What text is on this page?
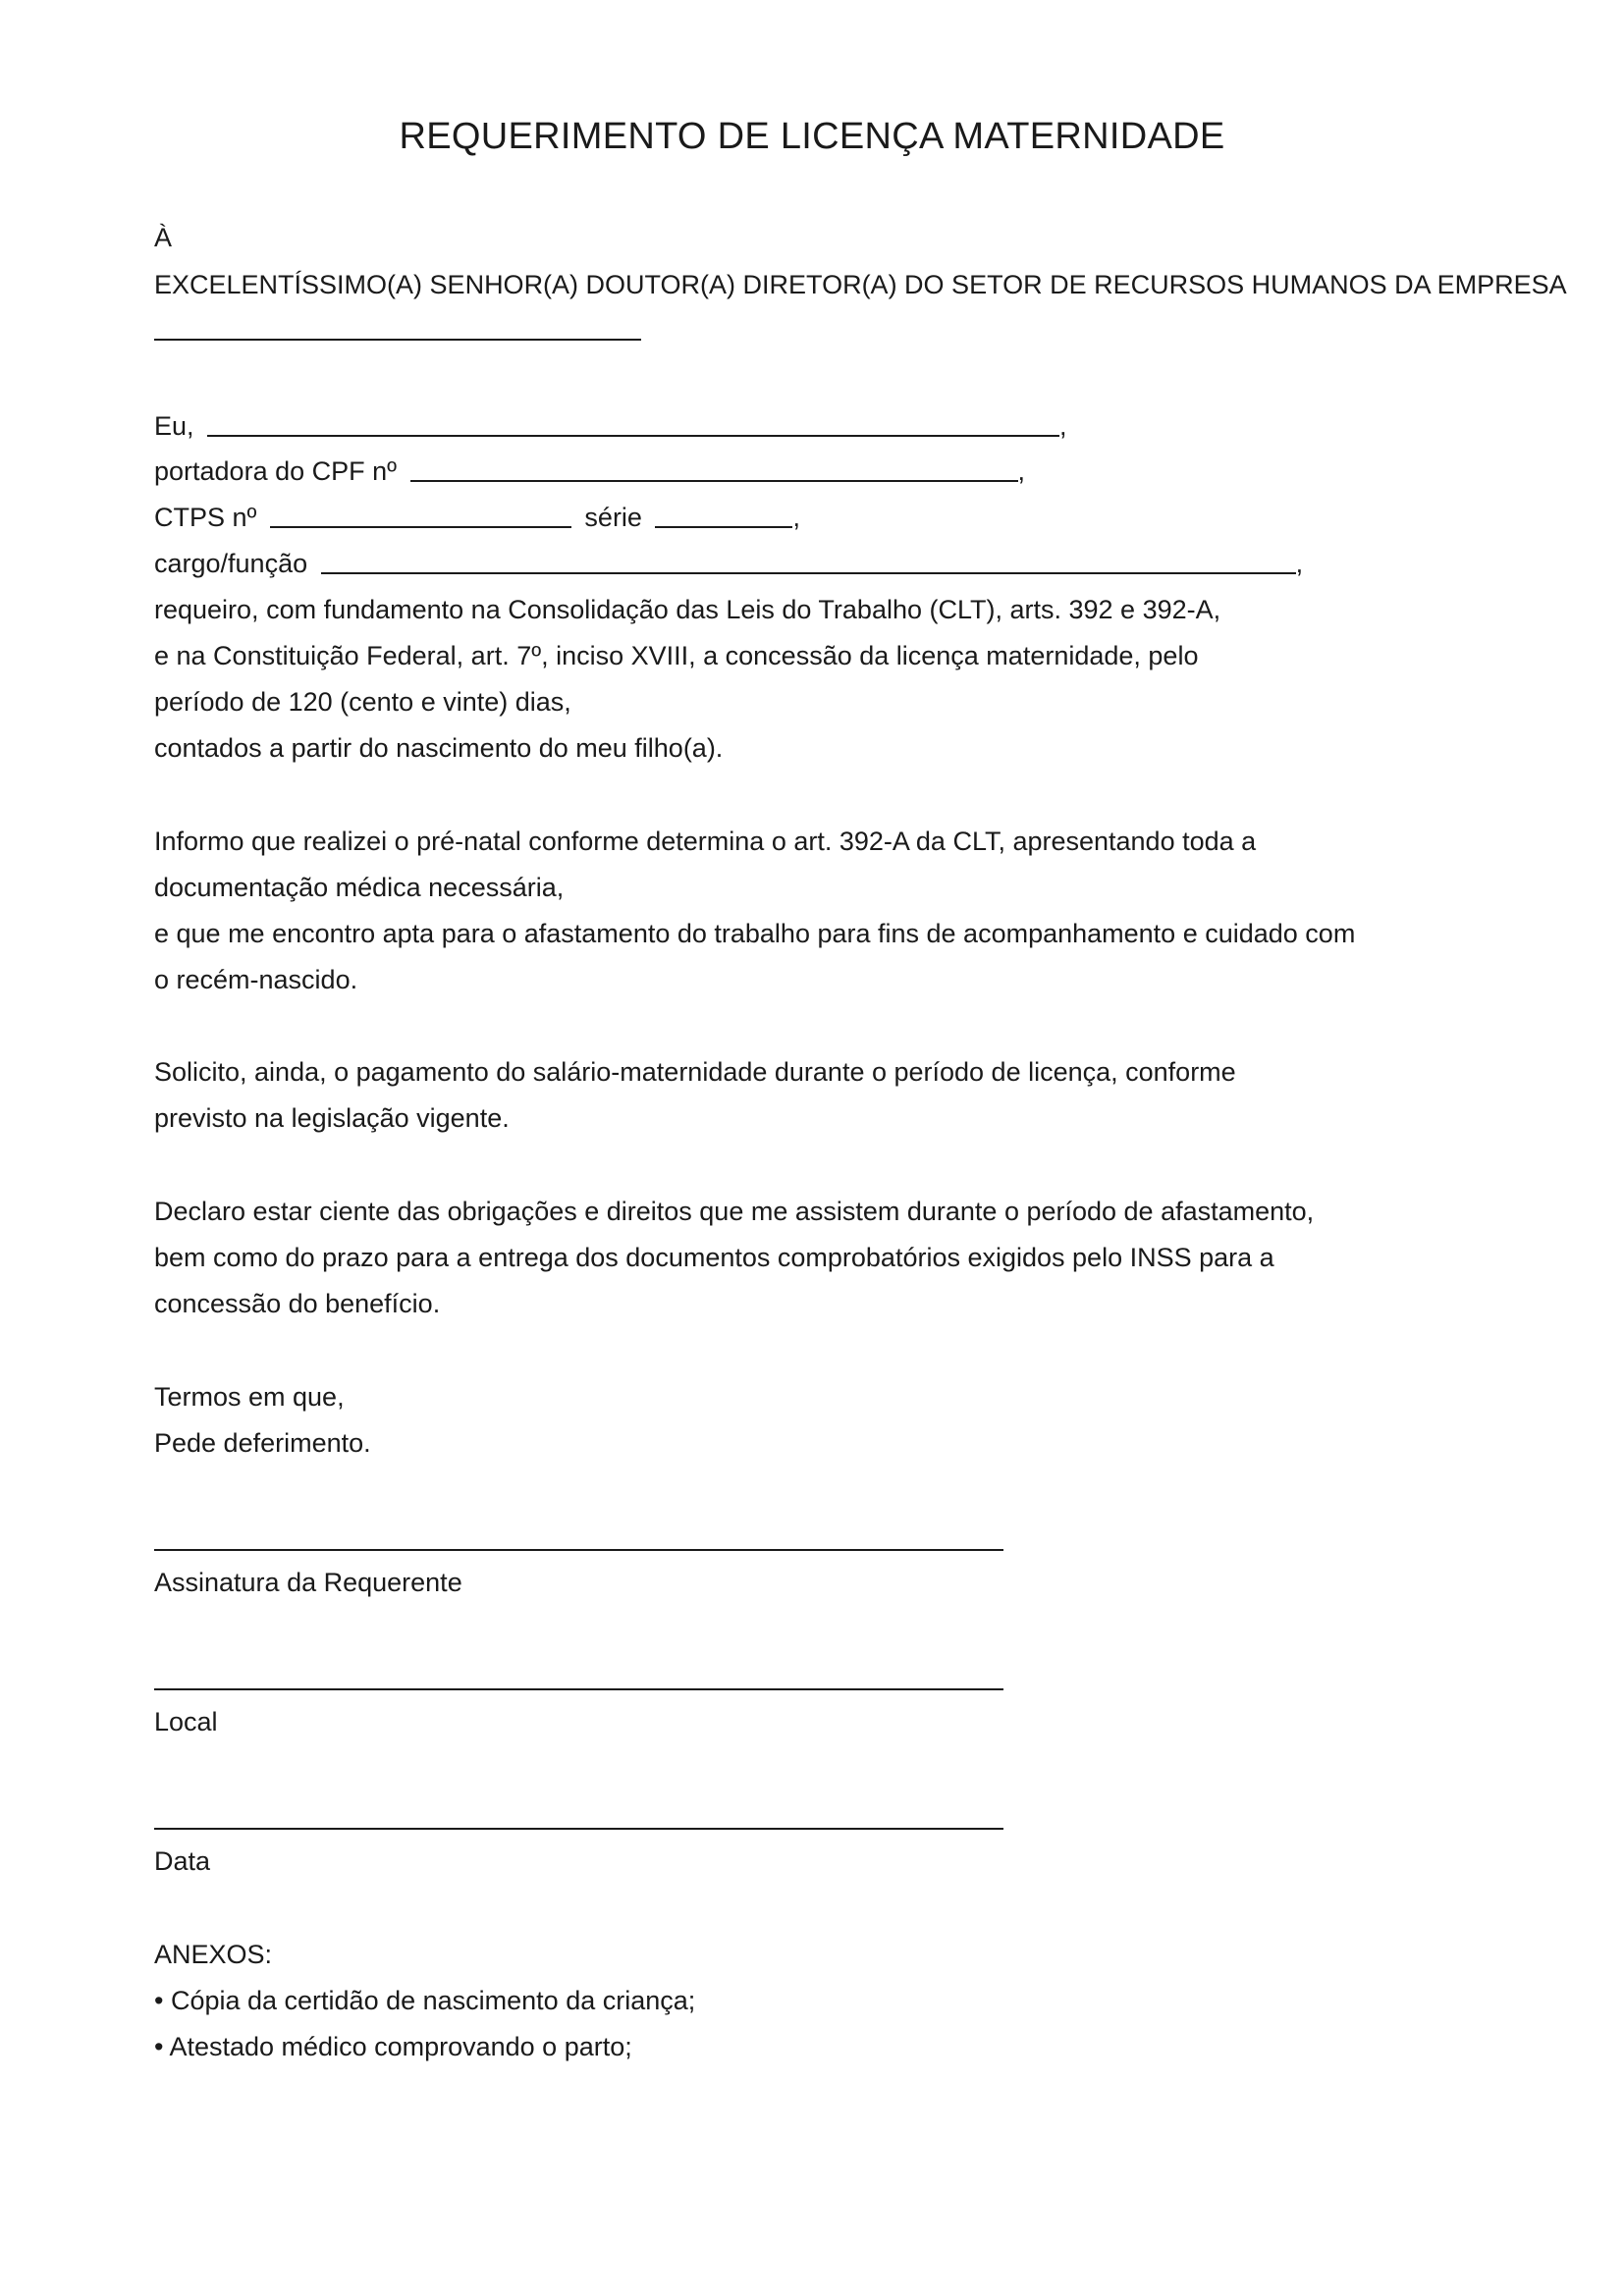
REQUERIMENTO DE LICENÇA MATERNIDADE
À
EXCELENTÍSSIMO(A) SENHOR(A) DOUTOR(A) DIRETOR(A) DO SETOR DE RECURSOS HUMANOS DA EMPRESA
Eu,	,
portadora do CPF nº	,
CTPS nº	série	,
cargo/função	,
requeiro, com fundamento na Consolidação das Leis do Trabalho (CLT), arts. 392 e 392-A,
e na Constituição Federal, art. 7º, inciso XVIII, a concessão da licença maternidade, pelo
período de 120 (cento e vinte) dias,
contados a partir do nascimento do meu filho(a).
Informo que realizei o pré-natal conforme determina o art. 392-A da CLT, apresentando toda a
documentação médica necessária,
e que me encontro apta para o afastamento do trabalho para fins de acompanhamento e cuidado com
o recém-nascido.
Solicito, ainda, o pagamento do salário-maternidade durante o período de licença, conforme
previsto na legislação vigente.
Declaro estar ciente das obrigações e direitos que me assistem durante o período de afastamento,
bem como do prazo para a entrega dos documentos comprobatórios exigidos pelo INSS para a
concessão do benefício.
Termos em que,
Pede deferimento.
Assinatura da Requerente
Local
Data
ANEXOS:
• Cópia da certidão de nascimento da criança;
• Atestado médico comprovando o parto;
